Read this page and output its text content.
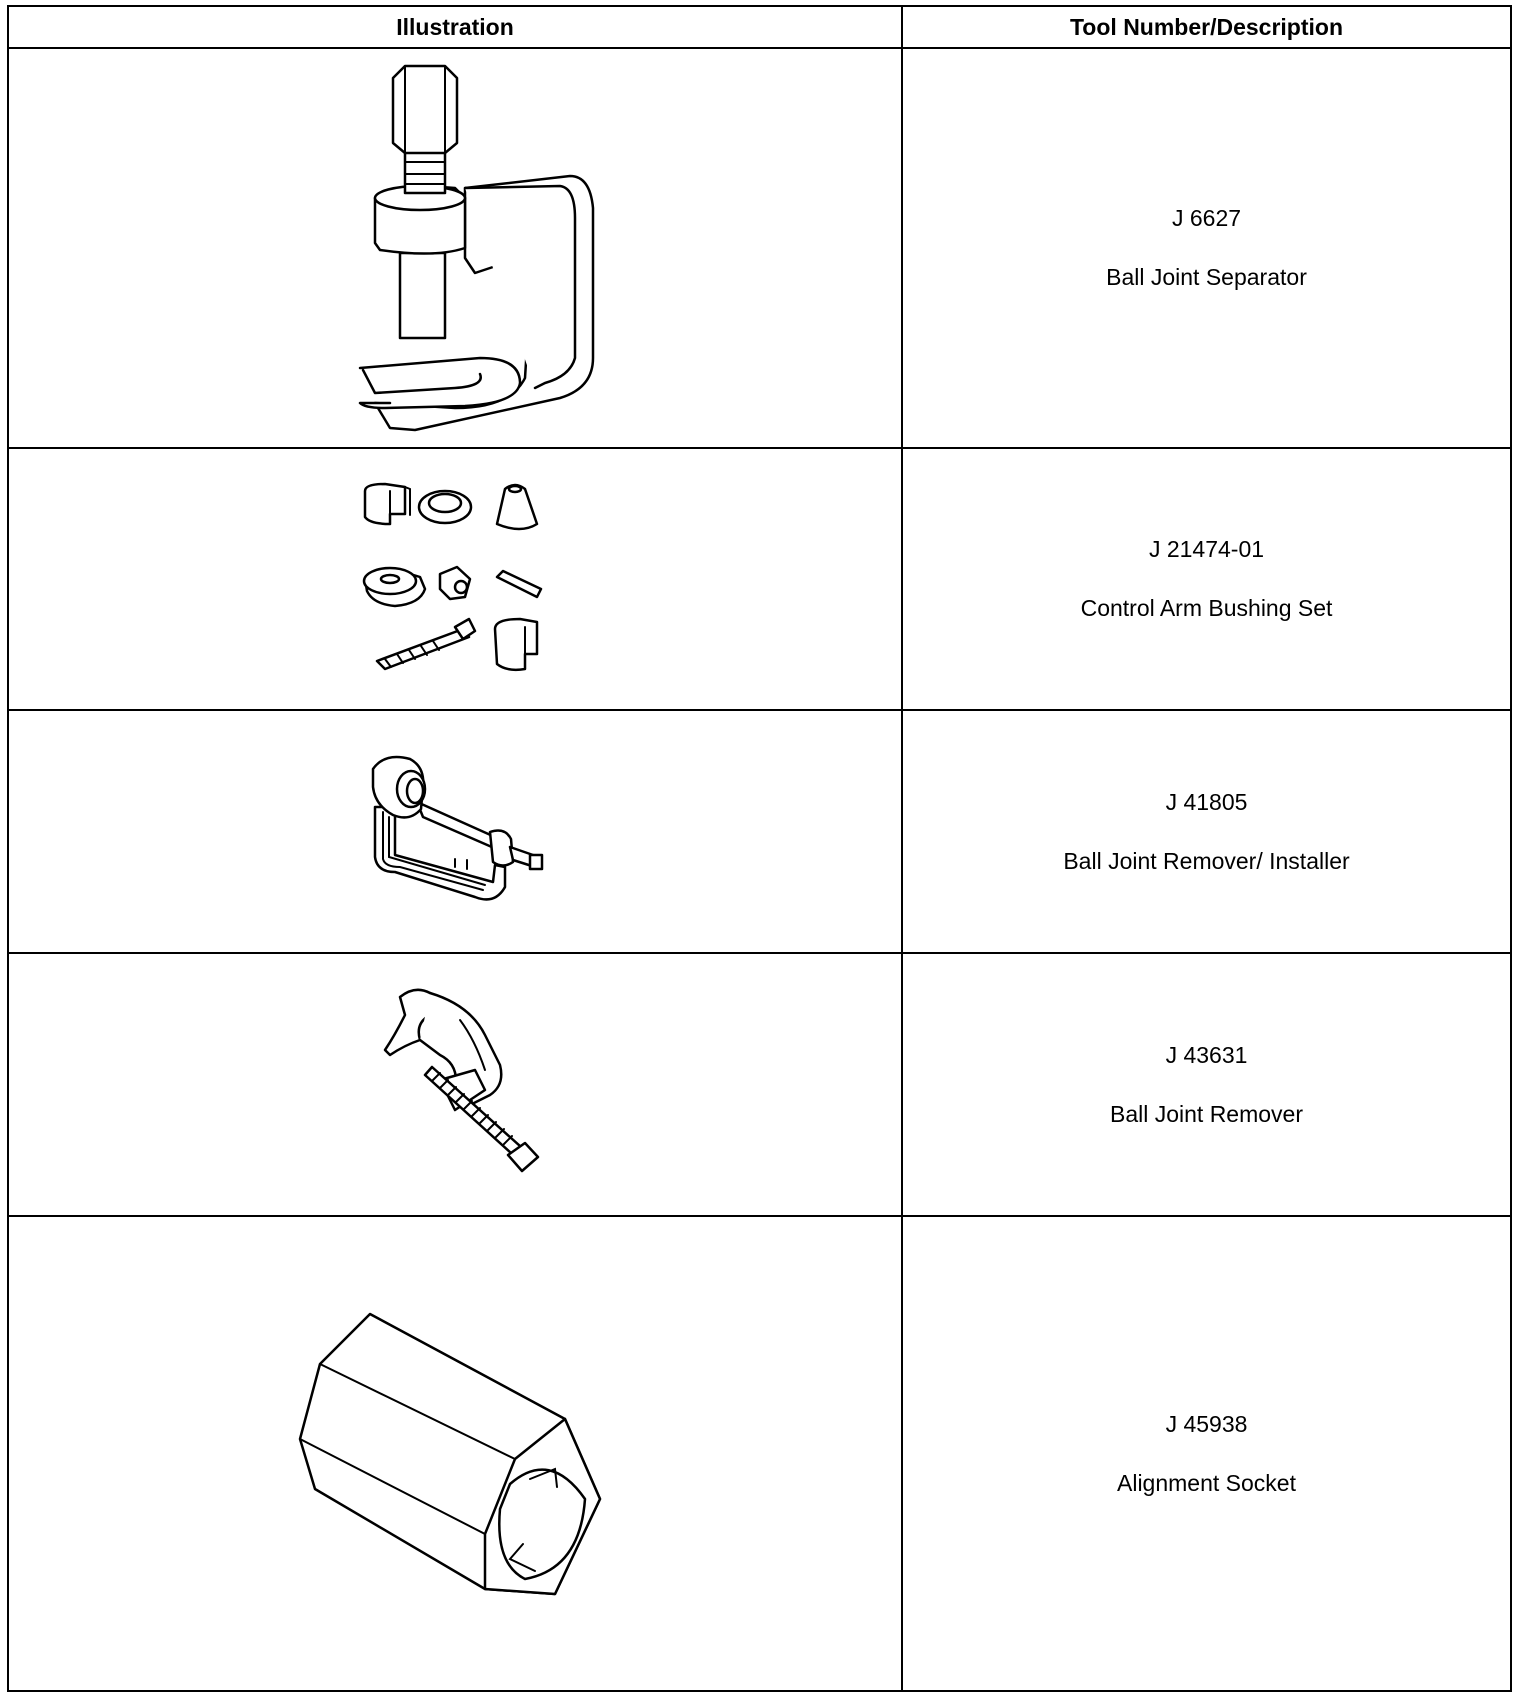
Illustration	Tool Number/Description

J 6627
Ball Joint Separator

J 21474-01
Control Arm Bushing Set

J 41805
Ball Joint Remover/ Installer

J 43631
Ball Joint Remover

J 45938
Alignment Socket
